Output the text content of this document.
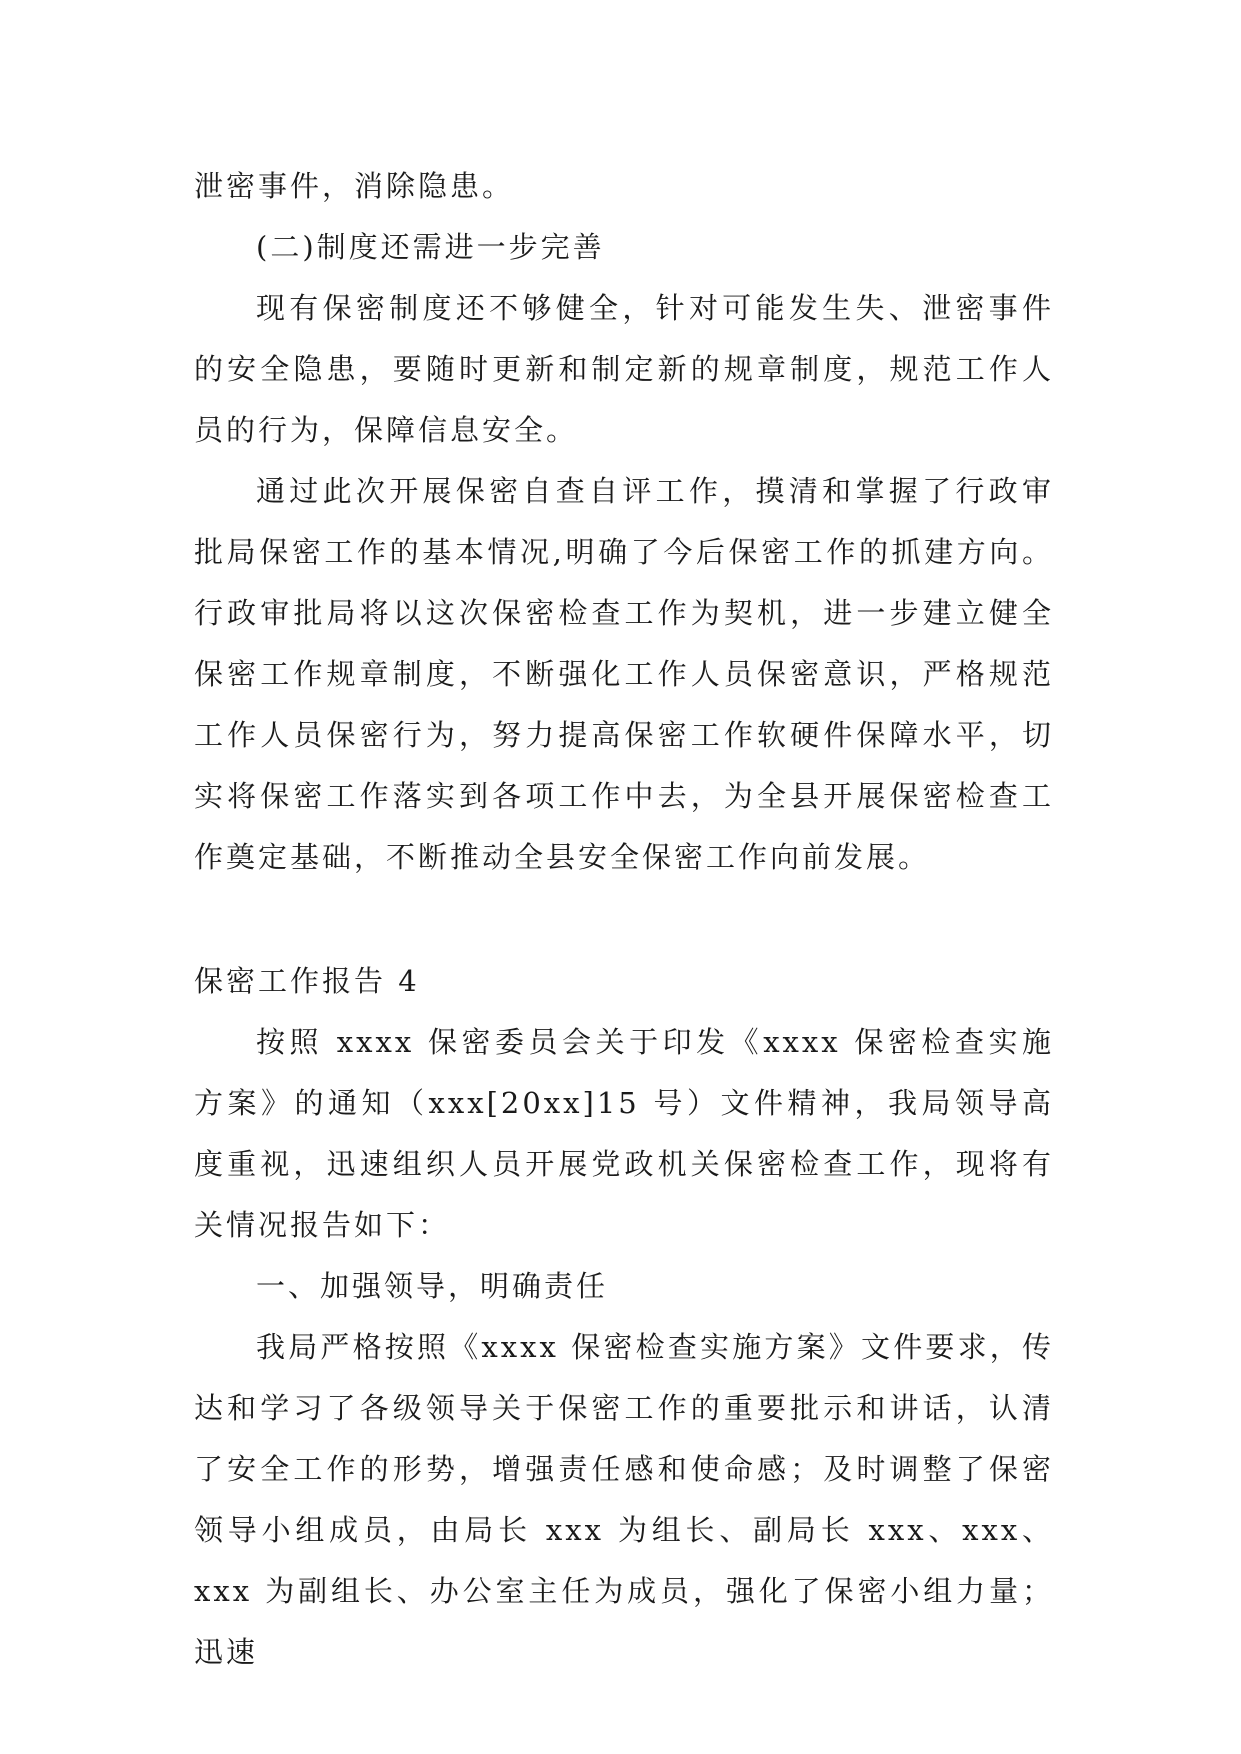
泄密事件，消除隐患。

(二)制度还需进一步完善

现有保密制度还不够健全，针对可能发生失、泄密事件的安全隐患，要随时更新和制定新的规章制度，规范工作人员的行为，保障信息安全。

通过此次开展保密自查自评工作，摸清和掌握了行政审批局保密工作的基本情况,明确了今后保密工作的抓建方向。行政审批局将以这次保密检查工作为契机，进一步建立健全保密工作规章制度，不断强化工作人员保密意识，严格规范工作人员保密行为，努力提高保密工作软硬件保障水平，切实将保密工作落实到各项工作中去，为全县开展保密检查工作奠定基础，不断推动全县安全保密工作向前发展。

保密工作报告 4

按照 xxxx 保密委员会关于印发《xxxx 保密检查实施方案》的通知（xxx[20xx]15 号）文件精神，我局领导高度重视，迅速组织人员开展党政机关保密检查工作，现将有关情况报告如下：

一、加强领导，明确责任

我局严格按照《xxxx 保密检查实施方案》文件要求，传达和学习了各级领导关于保密工作的重要批示和讲话，认清了安全工作的形势，增强责任感和使命感；及时调整了保密领导小组成员，由局长 xxx 为组长、副局长 xxx、xxx、xxx 为副组长、办公室主任为成员，强化了保密小组力量；迅速
